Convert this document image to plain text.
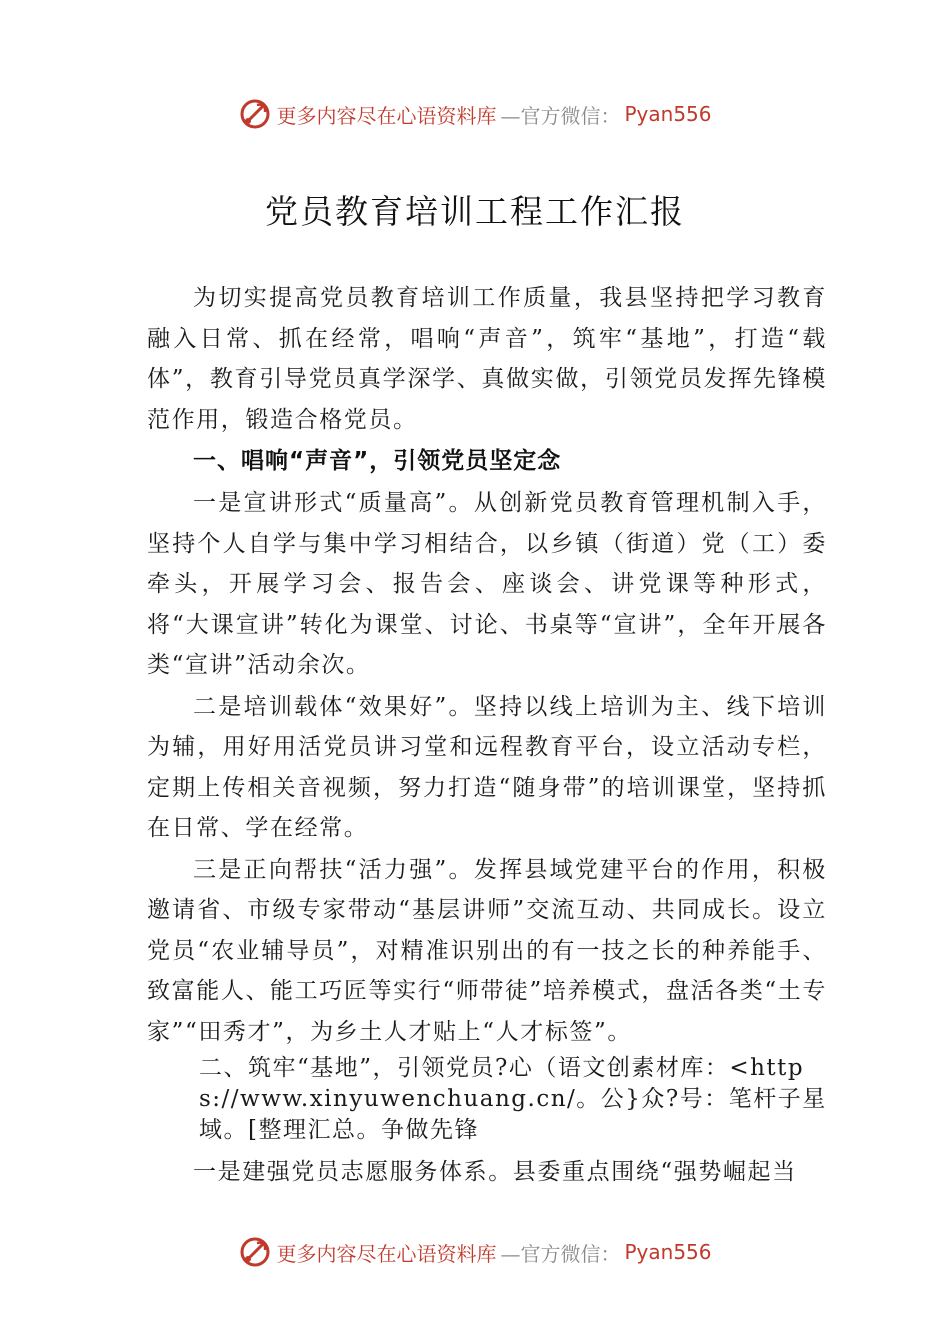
更多内容尽在心语资料库 —官方微信： Pyan556
党员教育培训工程工作汇报

为切实提高党员教育培训工作质量，我县坚持把学习教育融入日常、抓在经常，唱响“声音”，筑牢“基地”，打造“载体”，教育引导党员真学深学、真做实做，引领党员发挥先锋模范作用，锻造合格党员。

一、唱响“声音”，引领党员坚定念

一是宣讲形式“质量高”。从创新党员教育管理机制入手，坚持个人自学与集中学习相结合，以乡镇（街道）党（工）委牵头，开展学习会、报告会、座谈会、讲党课等种形式， 将“大课宣讲”转化为课堂、讨论、书桌等“宣讲”，全年开展各类“宣讲”活动余次。

二是培训载体“效果好”。坚持以线上培训为主、线下培训为辅，用好用活党员讲习堂和远程教育平台，设立活动专栏，定期上传相关音视频，努力打造“随身带”的培训课堂，坚持抓在日常、学在经常。

三是正向帮扶“活力强”。发挥县域党建平台的作用，积极邀请省、市级专家带动“基层讲师”交流互动、共同成长。设立党员“农业辅导员”，对精准识别出的有一技之长的种养能手、致富能人、能工巧匠等实行“师带徒”培养模式，盘活各类“土专家”“田秀才”，为乡土人才贴上“人才标签”。

二、筑牢“基地”，引领党员?心（语文创素材库：<https://www.xinyuwenchuang.cn/。公}众?号：笔杆子星域。[整理汇总。争做先锋

一是建强党员志愿服务体系。县委重点围绕“强势崛起当

更多内容尽在心语资料库 —官方微信： Pyan556
